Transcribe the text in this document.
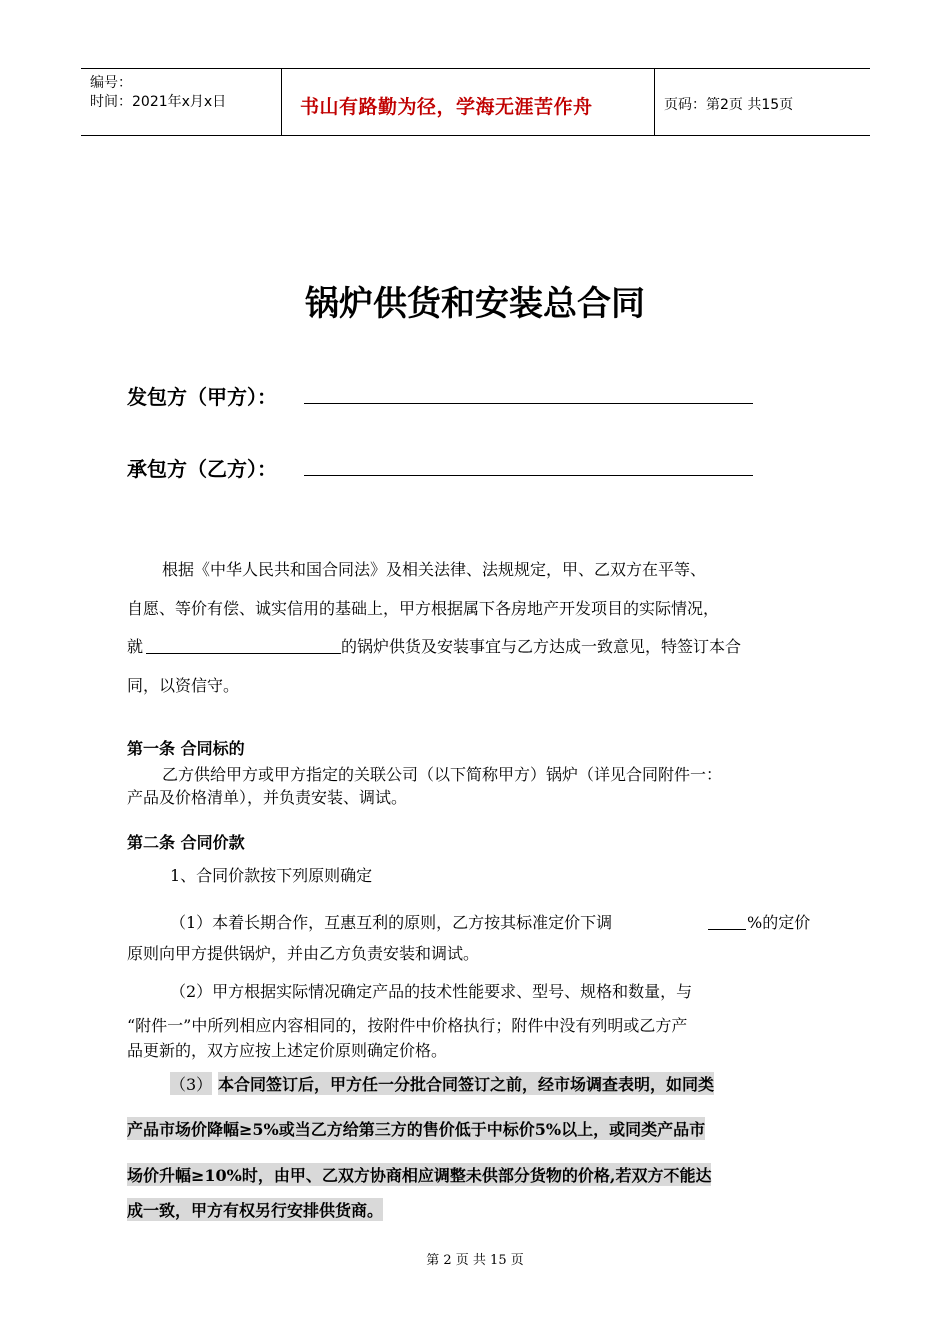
编号：
时间：2021年x月x日	书山有路勤为径，学海无涯苦作舟	页码：第2页 共15页
锅炉供货和安装总合同
发包方（甲方）：
承包方（乙方）：
根据《中华人民共和国合同法》及相关法律、法规规定，甲、乙双方在平等、
自愿、等价有偿、诚实信用的基础上，甲方根据属下各房地产开发项目的实际情况，
就	的锅炉供货及安装事宜与乙方达成一致意见，特签订本合
同，以资信守。
第一条 合同标的
乙方供给甲方或甲方指定的关联公司（以下简称甲方）锅炉（详见合同附件一：
产品及价格清单），并负责安装、调试。
第二条 合同价款
1、合同价款按下列原则确定
（1）本着长期合作，互惠互利的原则，乙方按其标准定价下调	%的定价
原则向甲方提供锅炉，并由乙方负责安装和调试。
（2）甲方根据实际情况确定产品的技术性能要求、型号、规格和数量，与
“附件一”中所列相应内容相同的，按附件中价格执行；附件中没有列明或乙方产
品更新的，双方应按上述定价原则确定价格。
（3） 本合同签订后，甲方任一分批合同签订之前，经市场调查表明，如同类
产品市场价降幅≥5%或当乙方给第三方的售价低于中标价5%以上，或同类产品市
场价升幅≥10%时，由甲、乙双方协商相应调整未供部分货物的价格,若双方不能达
成一致，甲方有权另行安排供货商。
第 2 页 共 15 页
